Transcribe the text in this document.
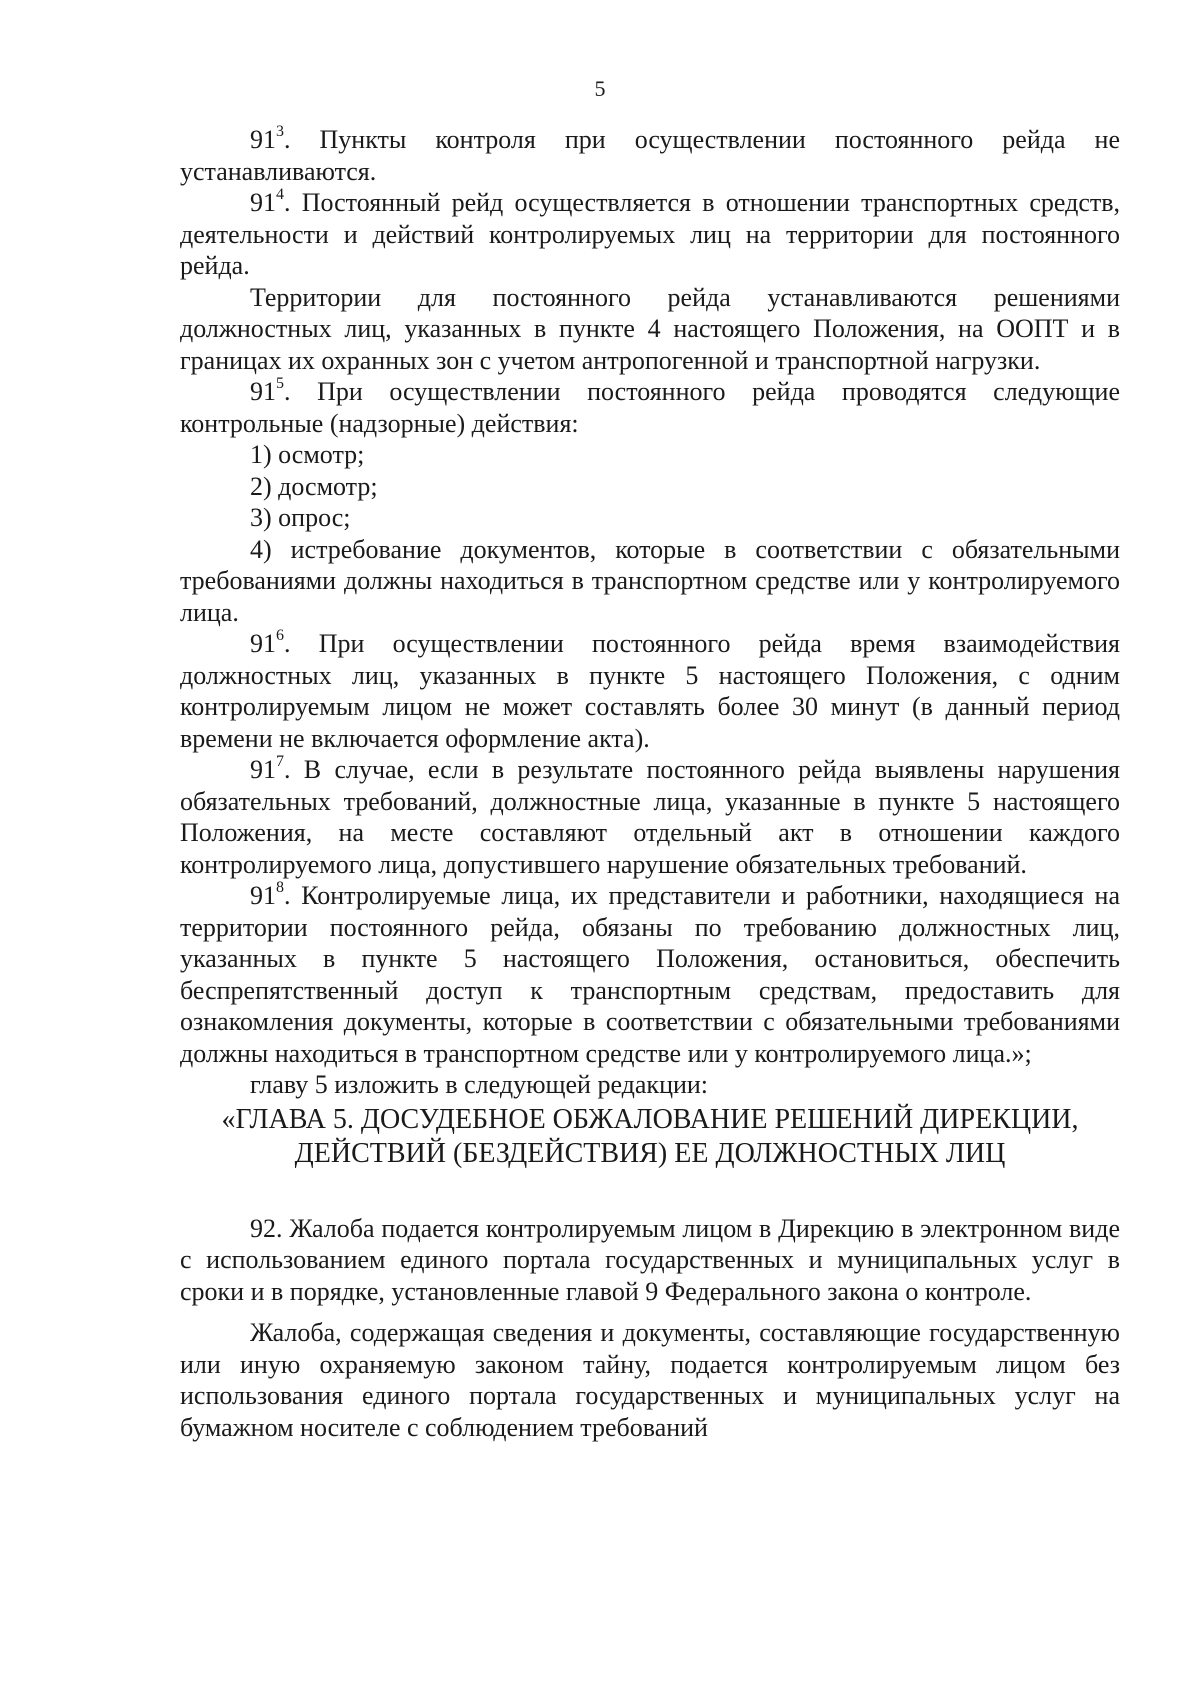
5

$91^3$. Пункты контроля при осуществлении постоянного рейда не устанавливаются.

$91^4$. Постоянный рейд осуществляется в отношении транспортных средств, деятельности и действий контролируемых лиц на территории для постоянного рейда.

Территории для постоянного рейда устанавливаются решениями должностных лиц, указанных в пункте 4 настоящего Положения, на ООПТ и в границах их охранных зон с учетом антропогенной и транспортной нагрузки.

$91^5$. При осуществлении постоянного рейда проводятся следующие контрольные (надзорные) действия:

1) осмотр;

2) досмотр;

3) опрос;

4) истребование документов, которые в соответствии с обязательными требованиями должны находиться в транспортном средстве или у контролируемого лица.

$91^6$. При осуществлении постоянного рейда время взаимодействия должностных лиц, указанных в пункте 5 настоящего Положения, с одним контролируемым лицом не может составлять более 30 минут (в данный период времени не включается оформление акта).

$91^7$. В случае, если в результате постоянного рейда выявлены нарушения обязательных требований, должностные лица, указанные в пункте 5 настоящего Положения, на месте составляют отдельный акт в отношении каждого контролируемого лица, допустившего нарушение обязательных требований.

$91^8$. Контролируемые лица, их представители и работники, находящиеся на территории постоянного рейда, обязаны по требованию должностных лиц, указанных в пункте 5 настоящего Положения, остановиться, обеспечить беспрепятственный доступ к транспортным средствам, предоставить для ознакомления документы, которые в соответствии с обязательными требованиями должны находиться в транспортном средстве или у контролируемого лица.»;

главу 5 изложить в следующей редакции:

«ГЛАВА 5. ДОСУДЕБНОЕ ОБЖАЛОВАНИЕ РЕШЕНИЙ ДИРЕКЦИИ,
ДЕЙСТВИЙ (БЕЗДЕЙСТВИЯ) ЕЕ ДОЛЖНОСТНЫХ ЛИЦ

92. Жалоба подается контролируемым лицом в Дирекцию в электронном виде с использованием единого портала государственных и муниципальных услуг в сроки и в порядке, установленные главой 9 Федерального закона о контроле.

Жалоба, содержащая сведения и документы, составляющие государственную или иную охраняемую законом тайну, подается контролируемым лицом без использования единого портала государственных и муниципальных услуг на бумажном носителе с соблюдением требований
